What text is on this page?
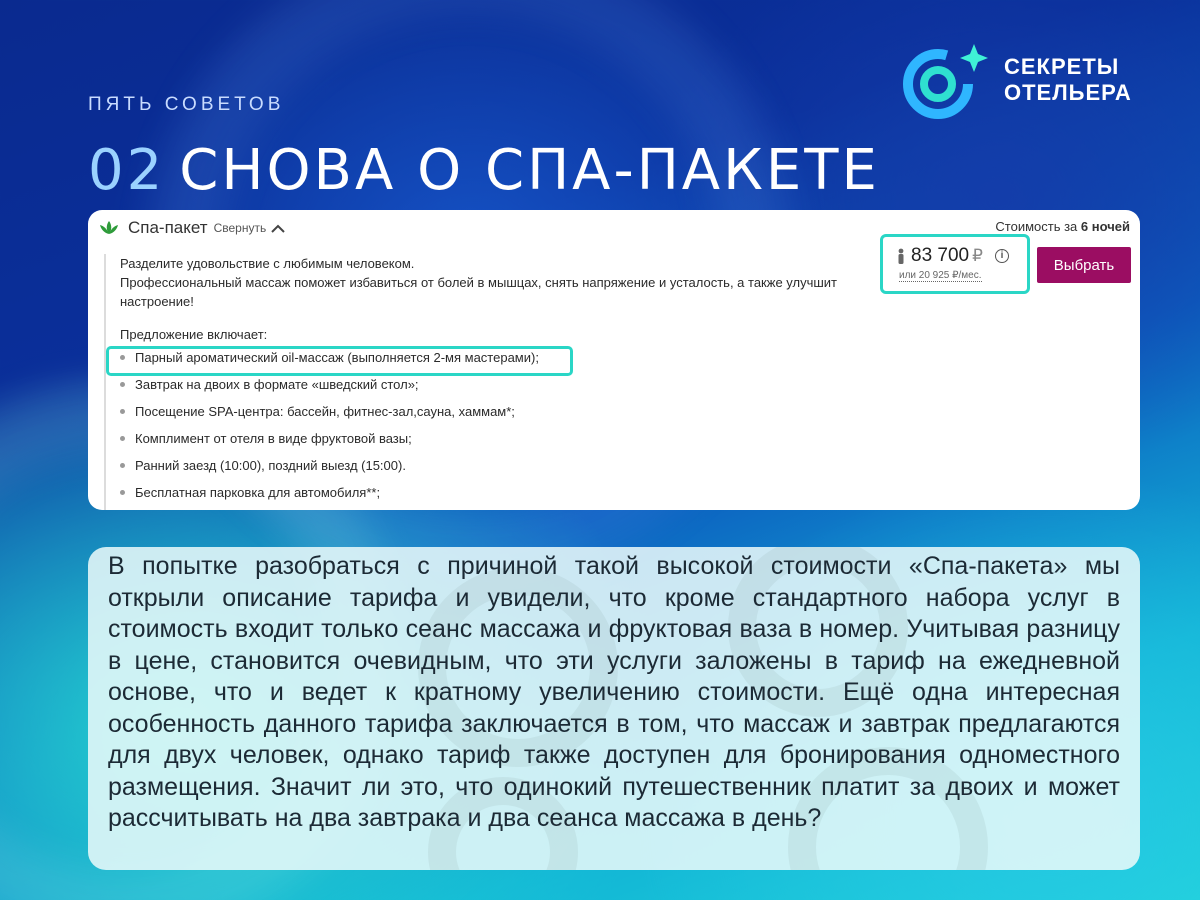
ПЯТЬ СОВЕТОВ
02 СНОВА О СПА-ПАКЕТЕ
СЕКРЕТЫ
ОТЕЛЬЕРА
Спа-пакет Свернуть

Разделите удовольствие с любимым человеком.

Профессиональный массаж поможет избавиться от болей в мышцах, снять напряжение и усталость, а также улучшит настроение!

Предложение включает:

Парный ароматический oil-массаж (выполняется 2-мя мастерами);
Завтрак на двоих в формате «шведский стол»;
Посещение SPA-центра: бассейн, фитнес-зал,сауна, хаммам*;
Комплимент от отеля в виде фруктовой вазы;
Ранний заезд (10:00), поздний выезд (15:00).
Бесплатная парковка для автомобиля**;
Стоимость за 6 ночей
83 700 ₽	i
или 20 925 ₽/мес.
Выбрать

В попытке разобраться с причиной такой высокой стоимости «Спа-пакета» мы открыли описание тарифа и увидели, что кроме стандартного набора услуг в стоимость входит только сеанс массажа и фруктовая ваза в номер. Учитывая разницу в цене, становится очевидным, что эти услуги заложены в тариф на ежедневной основе, что и ведет к кратному увеличению стоимости. Ещё одна интересная особенность данного тарифа заключается в том, что массаж и завтрак предлагаются для двух человек, однако тариф также доступен для бронирования одноместного размещения. Значит ли это, что одинокий путешественник платит за двоих и может рассчитывать на два завтрака и два сеанса массажа в день?
